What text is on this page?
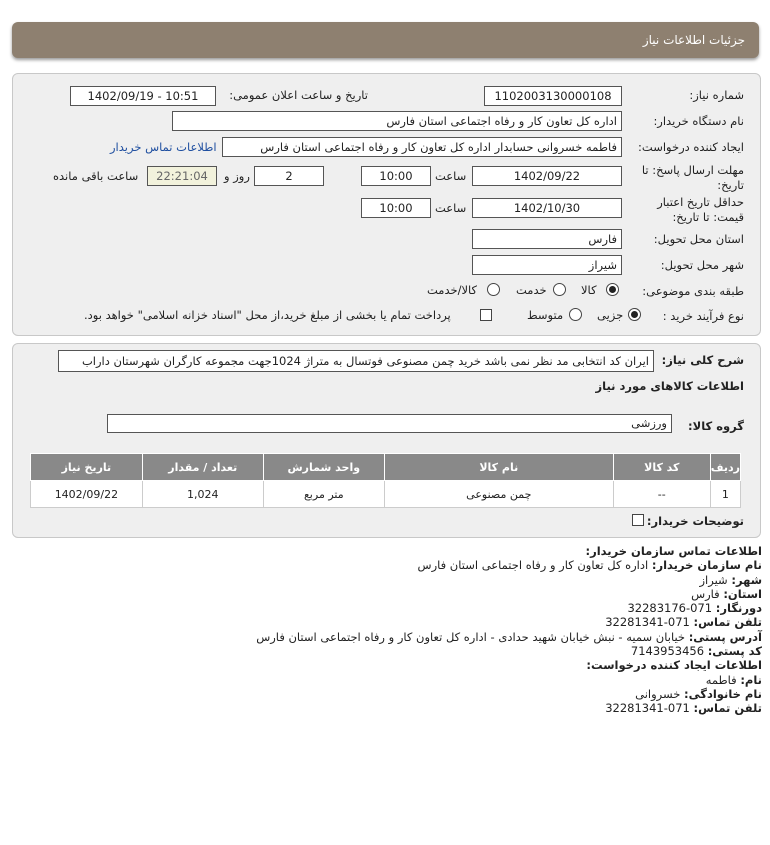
جزئیات اطلاعات نیاز
شماره نیاز:
1102003130000108
تاریخ و ساعت اعلان عمومی:
1402/09/19 - 10:51
نام دستگاه خریدار:
اداره کل تعاون کار و رفاه اجتماعی استان فارس
ایجاد کننده درخواست:
فاطمه خسروانی حسابدار اداره کل تعاون کار و رفاه اجتماعی استان فارس
اطلاعات تماس خریدار
مهلت ارسال پاسخ: تا
تاریخ:
1402/09/22
ساعت
10:00
2
روز و
22:21:04
ساعت باقی مانده
حداقل تاریخ اعتبار
قیمت: تا تاریخ:
1402/10/30
ساعت
10:00
استان محل تحویل:
فارس
شهر محل تحویل:
شیراز
طبقه بندی موضوعی:
کالا
خدمت
کالا/خدمت
نوع فرآیند خرید :
جزیی
متوسط
پرداخت تمام یا بخشی از مبلغ خرید،از محل "اسناد خزانه اسلامی" خواهد بود.
شرح کلی نیاز:
ایران کد انتخابی مد نظر نمی باشد خرید چمن مصنوعی فوتسال به متراژ 1024جهت مجموعه کارگران شهرستان داراب
اطلاعات کالاهای مورد نیاز
گروه کالا:
ورزشی
ردیف	کد کالا	نام کالا	واحد شمارش	تعداد / مقدار	تاریخ نیاز
1	--	چمن مصنوعی	متر مربع	1,024	1402/09/22
توضیحات خریدار:
اطلاعات تماس سازمان خریدار:
نام سازمان خریدار: اداره کل تعاون کار و رفاه اجتماعی استان فارس
شهر: شیراز
استان: فارس
دورنگار: 071-32283176
تلفن تماس: 071-32281341
آدرس پستی: خیابان سمیه - نبش خیابان شهید حدادی - اداره کل تعاون کار و رفاه اجتماعی استان فارس
کد پستی: 7143953456
اطلاعات ایجاد کننده درخواست:
نام: فاطمه
نام خانوادگی: خسروانی
تلفن تماس: 071-32281341
